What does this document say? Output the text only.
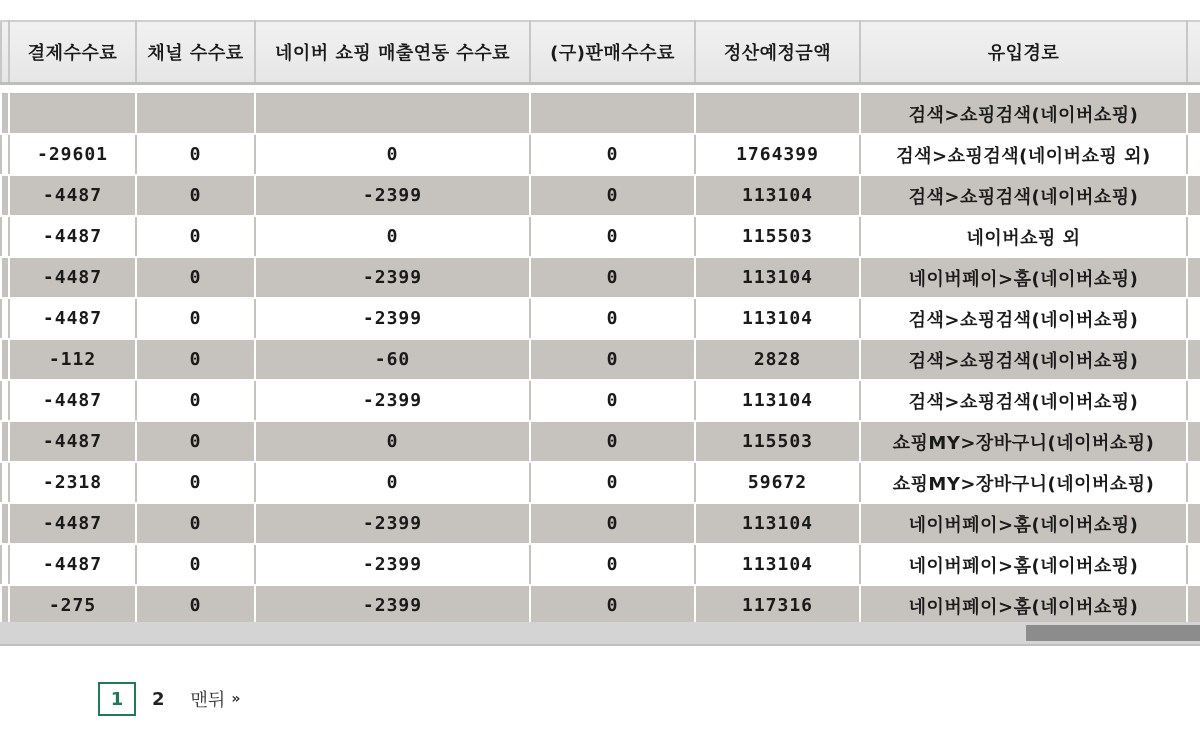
	결제수수료	채널 수수료	네이버 쇼핑 매출연동 수수료	(구)판매수수료	정산예정금액	유입경로	

						검색>쇼핑검색(네이버쇼핑)	
	-29601	0	0	0	1764399	검색>쇼핑검색(네이버쇼핑 외)	
	-4487	0	-2399	0	113104	검색>쇼핑검색(네이버쇼핑)	
	-4487	0	0	0	115503	네이버쇼핑 외	
	-4487	0	-2399	0	113104	네이버페이>홈(네이버쇼핑)	
	-4487	0	-2399	0	113104	검색>쇼핑검색(네이버쇼핑)	
	-112	0	-60	0	2828	검색>쇼핑검색(네이버쇼핑)	
	-4487	0	-2399	0	113104	검색>쇼핑검색(네이버쇼핑)	
	-4487	0	0	0	115503	쇼핑MY>장바구니(네이버쇼핑)	
	-2318	0	0	0	59672	쇼핑MY>장바구니(네이버쇼핑)	
	-4487	0	-2399	0	113104	네이버페이>홈(네이버쇼핑)	
	-4487	0	-2399	0	113104	네이버페이>홈(네이버쇼핑)	
	-275	0	-2399	0	117316	네이버페이>홈(네이버쇼핑)	
1	2 맨뒤 »
